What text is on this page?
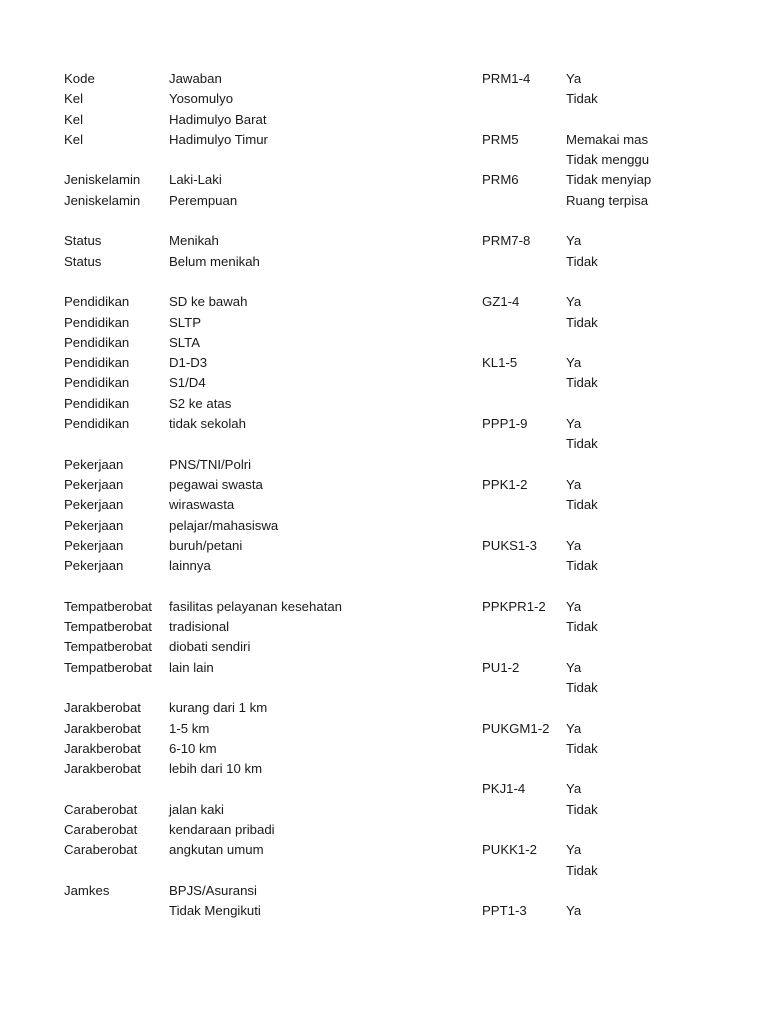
Kode	Jawaban
Kel	Yosomulyo
Kel	Hadimulyo Barat
Kel	Hadimulyo Timur
Jeniskelamin Laki-Laki
Jeniskelamin Perempuan
Status	Menikah
Status	Belum menikah
Pendidikan	SD ke bawah
Pendidikan	SLTP
Pendidikan	SLTA
Pendidikan	D1-D3
Pendidikan	S1/D4
Pendidikan	S2 ke atas
Pendidikan	tidak sekolah
Pekerjaan	PNS/TNI/Polri
Pekerjaan	pegawai swasta
Pekerjaan	wiraswasta
Pekerjaan	pelajar/mahasiswa
Pekerjaan	buruh/petani
Pekerjaan	lainnya
Tempatberobat fasilitas pelayanan kesehatan
Tempatberobat tradisional
Tempatberobat diobati sendiri
Tempatberobat lain lain
Jarakberobat kurang dari 1 km
Jarakberobat 1-5 km
Jarakberobat 6-10 km
Jarakberobat lebih dari 10 km
Caraberobat jalan kaki
Caraberobat kendaraan pribadi
Caraberobat angkutan umum
Jamkes	BPJS/Asuransi
Tidak Mengikuti
PRM1-4	Ya
Tidak
PRM5	Memakai mas
Tidak menggu
PRM6	Tidak menyiap
Ruang terpisa
PRM7-8	Ya
Tidak
GZ1-4	Ya
Tidak
KL1-5	Ya
Tidak
PPP1-9	Ya
Tidak
PPK1-2	Ya
Tidak
PUKS1-3 Ya
Tidak
PPKPR1-2 Ya
Tidak
PU1-2	Ya
Tidak
PUKGM1-2 Ya
Tidak
PKJ1-4	Ya
Tidak
PUKK1-2 Ya
Tidak
PPT1-3	Ya
